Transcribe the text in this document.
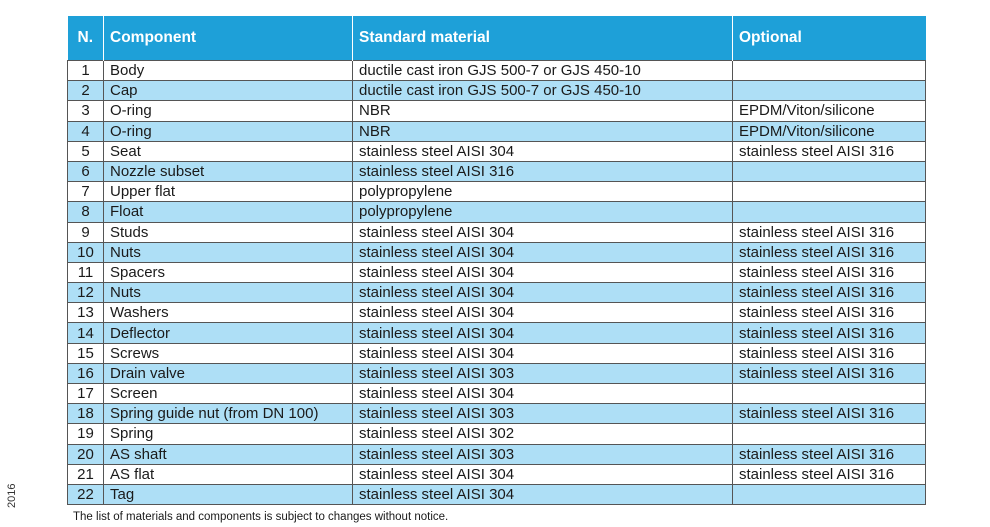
2016
N.	Component	Standard material	Optional
1	Body	ductile cast iron GJS 500-7 or GJS 450-10	
2	Cap	ductile cast iron GJS 500-7 or GJS 450-10	
3	O-ring	NBR	EPDM/Viton/silicone
4	O-ring	NBR	EPDM/Viton/silicone
5	Seat	stainless steel AISI 304	stainless steel AISI 316
6	Nozzle subset	stainless steel AISI 316	
7	Upper flat	polypropylene	
8	Float	polypropylene	
9	Studs	stainless steel AISI 304	stainless steel AISI 316
10	Nuts	stainless steel AISI 304	stainless steel AISI 316
11	Spacers	stainless steel AISI 304	stainless steel AISI 316
12	Nuts	stainless steel AISI 304	stainless steel AISI 316
13	Washers	stainless steel AISI 304	stainless steel AISI 316
14	Deflector	stainless steel AISI 304	stainless steel AISI 316
15	Screws	stainless steel AISI 304	stainless steel AISI 316
16	Drain valve	stainless steel AISI 303	stainless steel AISI 316
17	Screen	stainless steel AISI 304	
18	Spring guide nut (from DN 100)	stainless steel AISI 303	stainless steel AISI 316
19	Spring	stainless steel AISI 302	
20	AS shaft	stainless steel AISI 303	stainless steel AISI 316
21	AS flat	stainless steel AISI 304	stainless steel AISI 316
22	Tag	stainless steel AISI 304	
The list of materials and components is subject to changes without notice.
